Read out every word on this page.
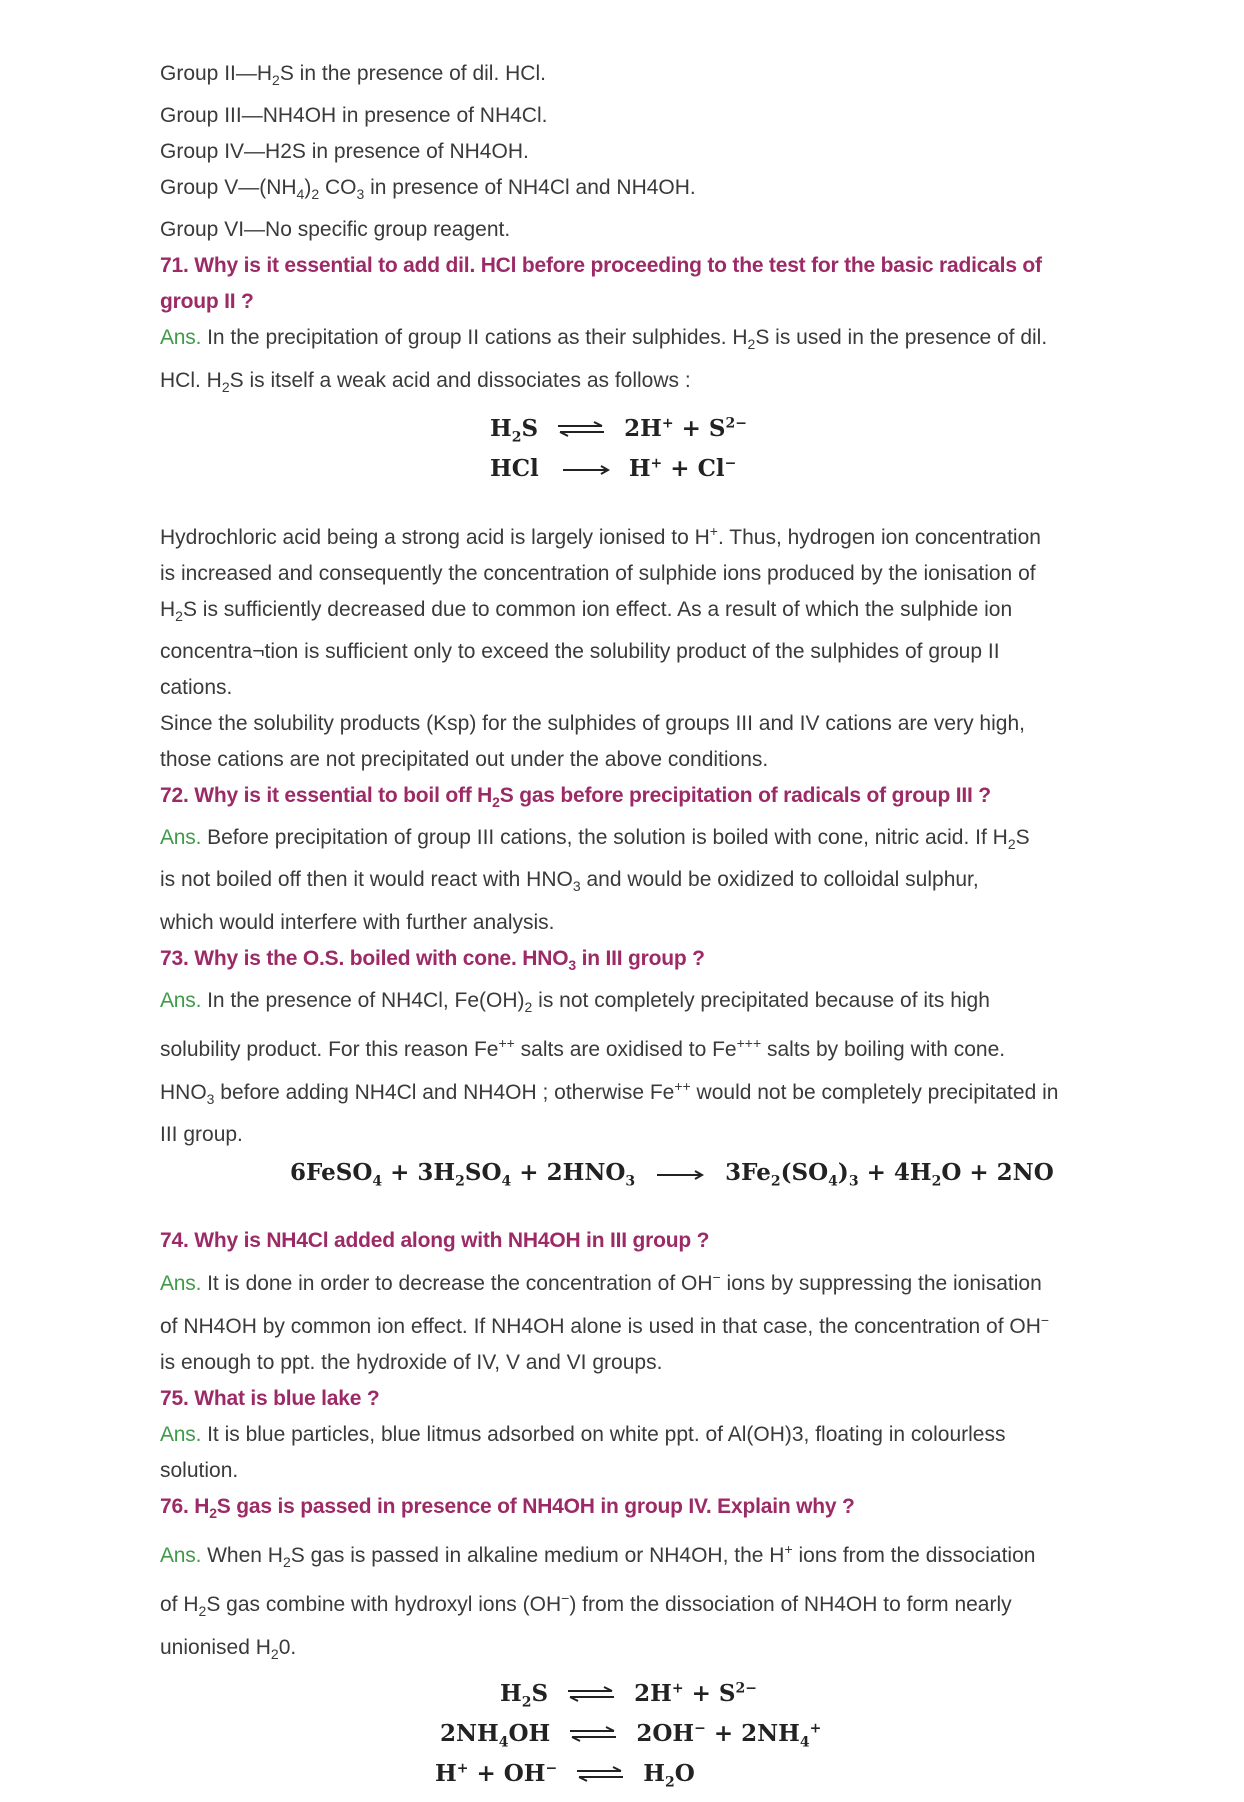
Group $II—H_2S$ in the presence of dil. HCl.

Group III—NH4OH in presence of NH4Cl.

Group IV—H2S in presence of NH4OH.

Group $V—(NH_4)_2$ $CO_3$ in presence of NH4Cl and NH4OH.

Group VI—No specific group reagent.

71. Why is it essential to add dil. HCl before proceeding to the test for the basic radicals of

group II ?

Ans. In the precipitation of group II cations as their sulphides. $H_2S$ is used in the presence of dil.

HCl. $H_2S$ is itself a weak acid and dissociates as follows :

$H_2S$ ⇌ $2H^+ + S^{2-}$
HCl	H+ + Cl−

Hydrochloric acid being a strong acid is largely ionised to H+. Thus, hydrogen ion concentration

is increased and consequently the concentration of sulphide ions produced by the ionisation of

$H_2S$ is sufficiently decreased due to common ion effect. As a result of which the sulphide ion

concentra¬tion is sufficient only to exceed the solubility product of the sulphides of group II

cations.

Since the solubility products (Ksp) for the sulphides of groups III and IV cations are very high,

those cations are not precipitated out under the above conditions.

72. Why is it essential to boil off $H_2S$ gas before precipitation of radicals of group III ?

Ans. Before precipitation of group III cations, the solution is boiled with cone, nitric acid. If $H_2S$

is not boiled off then it would react with $HNO_3$ and would be oxidized to colloidal sulphur,

which would interfere with further analysis.

73. Why is the O.S. boiled with cone. $HNO_3$ in III group ?

Ans. In the presence of NH4Cl, $Fe(OH)_2$ is not completely precipitated because of its high

solubility product. For this reason Fe++ salts are oxidised to Fe+++ salts by boiling with cone.

$HNO_3$ before adding NH4Cl and NH4OH ; otherwise Fe++ would not be completely precipitated in

III group.

6FeSO$_4$ + $3H_2SO_4 + 2HNO_3$	$3Fe_2(SO_4)_3 + 4H_2O + 2NO$

74. Why is NH4Cl added along with NH4OH in III group ?

Ans. It is done in order to decrease the concentration of OH− ions by suppressing the ionisation

of NH4OH by common ion effect. If NH4OH alone is used in that case, the concentration of OH−

is enough to ppt. the hydroxide of IV, V and VI groups.

75. What is blue lake ?

Ans. It is blue particles, blue litmus adsorbed on white ppt. of Al(OH)3, floating in colourless

solution.

76. $H_2S$ gas is passed in presence of NH4OH in group IV. Explain why ?

Ans. When $H_2S$ gas is passed in alkaline medium or NH4OH, the H+ ions from the dissociation

of $H_2S$ gas combine with hydroxyl ions (OH−) from the dissociation of NH4OH to form nearly

unionised $H_20$.

$H_2S$ ⇌ $2H^+ + S^{2-}$
$2NH_4OH$ ⇌ $2OH^- + 2NH_4^+$
H+ + OH− ⇌ $H_2O$
